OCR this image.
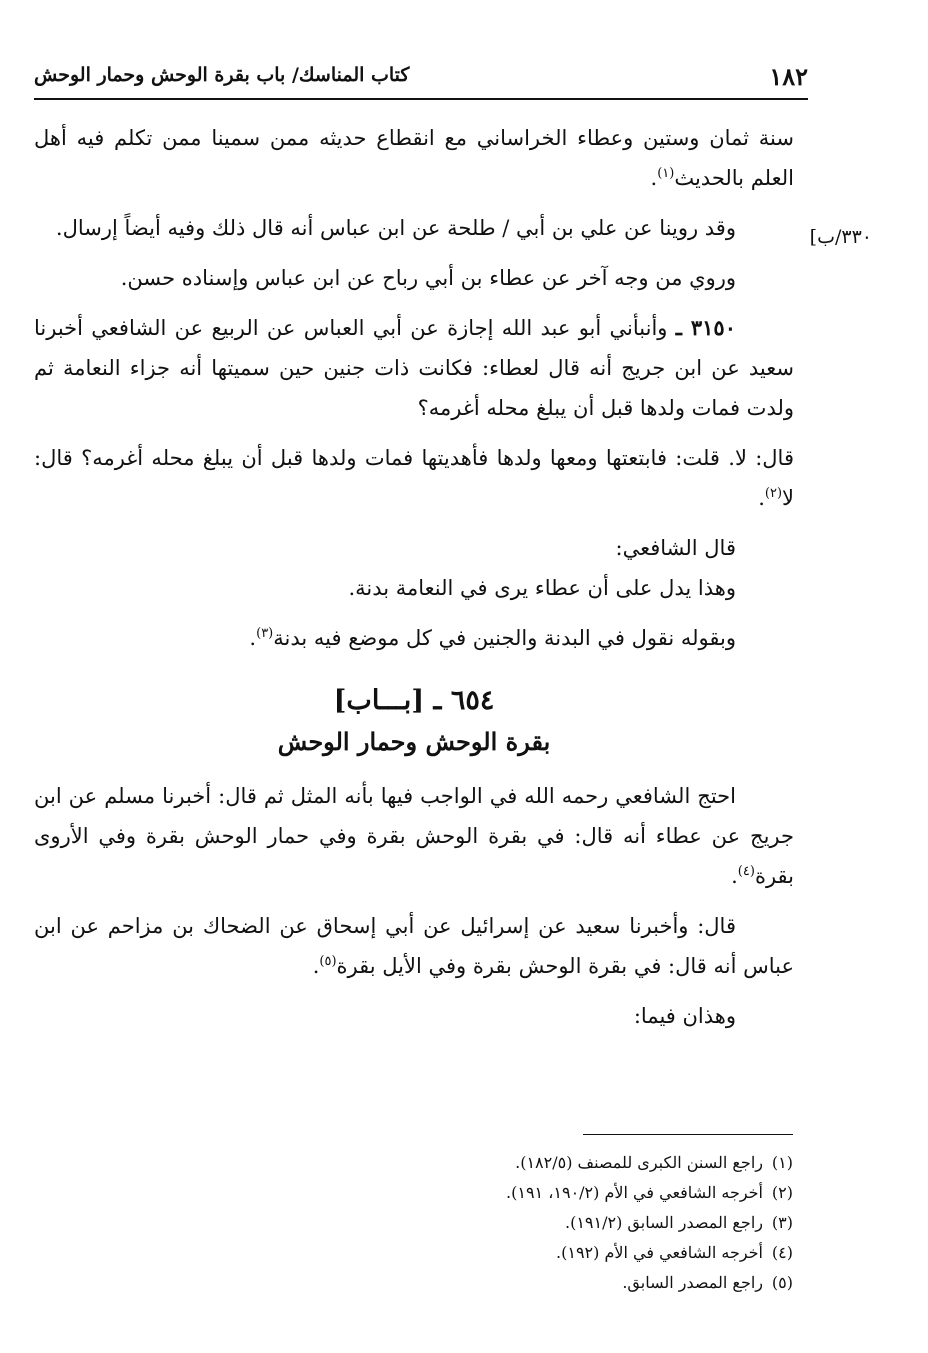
١٨٢
كتاب المناسك/ باب بقرة الوحش وحمار الوحش
٣٣٠/ب]

سنة ثمان وستين وعطاء الخراساني مع انقطاع حديثه ممن سمينا ممن تكلم فيه أهل العلم بالحديث$^{(١)}$.

وقد روينا عن علي بن أبي / طلحة عن ابن عباس أنه قال ذلك وفيه أيضاً إرسال.

وروي من وجه آخر عن عطاء بن أبي رباح عن ابن عباس وإسناده حسن.

٣١٥٠ ـ وأنبأني أبو عبد الله إجازة عن أبي العباس عن الربيع عن الشافعي أخبرنا سعيد عن ابن جريج أنه قال لعطاء: فكانت ذات جنين حين سميتها أنه جزاء النعامة ثم ولدت فمات ولدها قبل أن يبلغ محله أغرمه؟

قال: لا. قلت: فابتعتها ومعها ولدها فأهديتها فمات ولدها قبل أن يبلغ محله أغرمه؟ قال: لا$^{(٢)}$.

قال الشافعي:

وهذا يدل على أن عطاء يرى في النعامة بدنة.

وبقوله نقول في البدنة والجنين في كل موضع فيه بدنة$^{(٣)}$.

٦٥٤ ـ [بـــاب]
بقرة الوحش وحمار الوحش

احتج الشافعي رحمه الله في الواجب فيها بأنه المثل ثم قال: أخبرنا مسلم عن ابن جريج عن عطاء أنه قال: في بقرة الوحش بقرة وفي حمار الوحش بقرة وفي الأروى بقرة$^{(٤)}$.

قال: وأخبرنا سعيد عن إسرائيل عن أبي إسحاق عن الضحاك بن مزاحم عن ابن عباس أنه قال: في بقرة الوحش بقرة وفي الأيل بقرة$^{(٥)}$.

وهذان فيما:

(١)راجع السنن الكبرى للمصنف (١٨٢/٥).
(٢)أخرجه الشافعي في الأم (١٩٠/٢، ١٩١).
(٣)راجع المصدر السابق (١٩١/٢).
(٤)أخرجه الشافعي في الأم (١٩٢).
(٥)راجع المصدر السابق.
